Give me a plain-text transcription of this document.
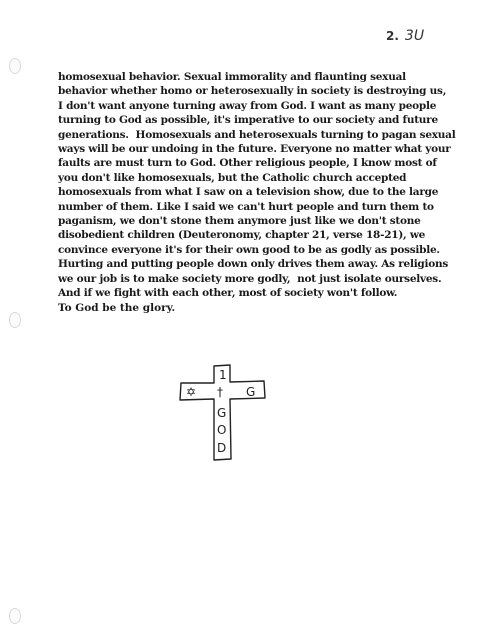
2. 3U
homosexual behavior. Sexual immorality and flaunting sexual
behavior whether homo or heterosexually in society is destroying us,
I don't want anyone turning away from God. I want as many people
turning to God as possible, it's imperative to our society and future
generations.  Homosexuals and heterosexuals turning to pagan sexual
ways will be our undoing in the future. Everyone no matter what your
faults are must turn to God. Other religious people, I know most of
you don't like homosexuals, but the Catholic church accepted
homosexuals from what I saw on a television show, due to the large
number of them. Like I said we can't hurt people and turn them to
paganism, we don't stone them anymore just like we don't stone
disobedient children (Deuteronomy, chapter 21, verse 18-21), we
convince everyone it's for their own good to be as godly as possible.
Hurting and putting people down only drives them away. As religions
we our job is to make society more godly,  not just isolate ourselves.
And if we fight with each other, most of society won't follow.
To God be the glory.
1
✡ † G
G
O
D
